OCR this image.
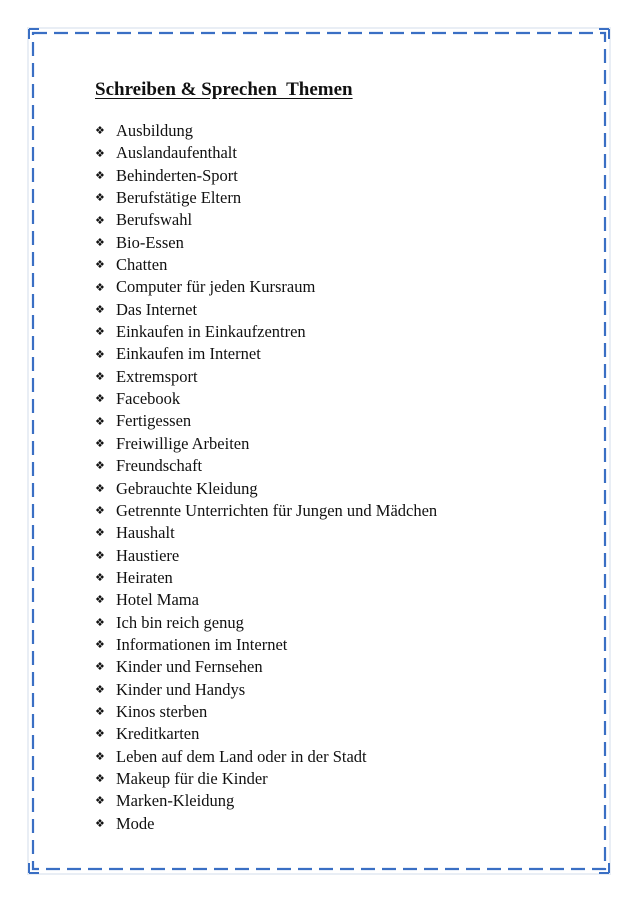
Schreiben & Sprechen  Themen
❖ Ausbildung
❖ Auslandaufenthalt
❖ Behinderten-Sport
❖ Berufstätige Eltern
❖ Berufswahl
❖ Bio-Essen
❖ Chatten
❖ Computer für jeden Kursraum
❖ Das Internet
❖ Einkaufen in Einkaufzentren
❖ Einkaufen im Internet
❖ Extremsport
❖ Facebook
❖ Fertigessen
❖ Freiwillige Arbeiten
❖ Freundschaft
❖ Gebrauchte Kleidung
❖ Getrennte Unterrichten für Jungen und Mädchen
❖ Haushalt
❖ Haustiere
❖ Heiraten
❖ Hotel Mama
❖ Ich bin reich genug
❖ Informationen im Internet
❖ Kinder und Fernsehen
❖ Kinder und Handys
❖ Kinos sterben
❖ Kreditkarten
❖ Leben auf dem Land oder in der Stadt
❖ Makeup für die Kinder
❖ Marken-Kleidung
❖ Mode
